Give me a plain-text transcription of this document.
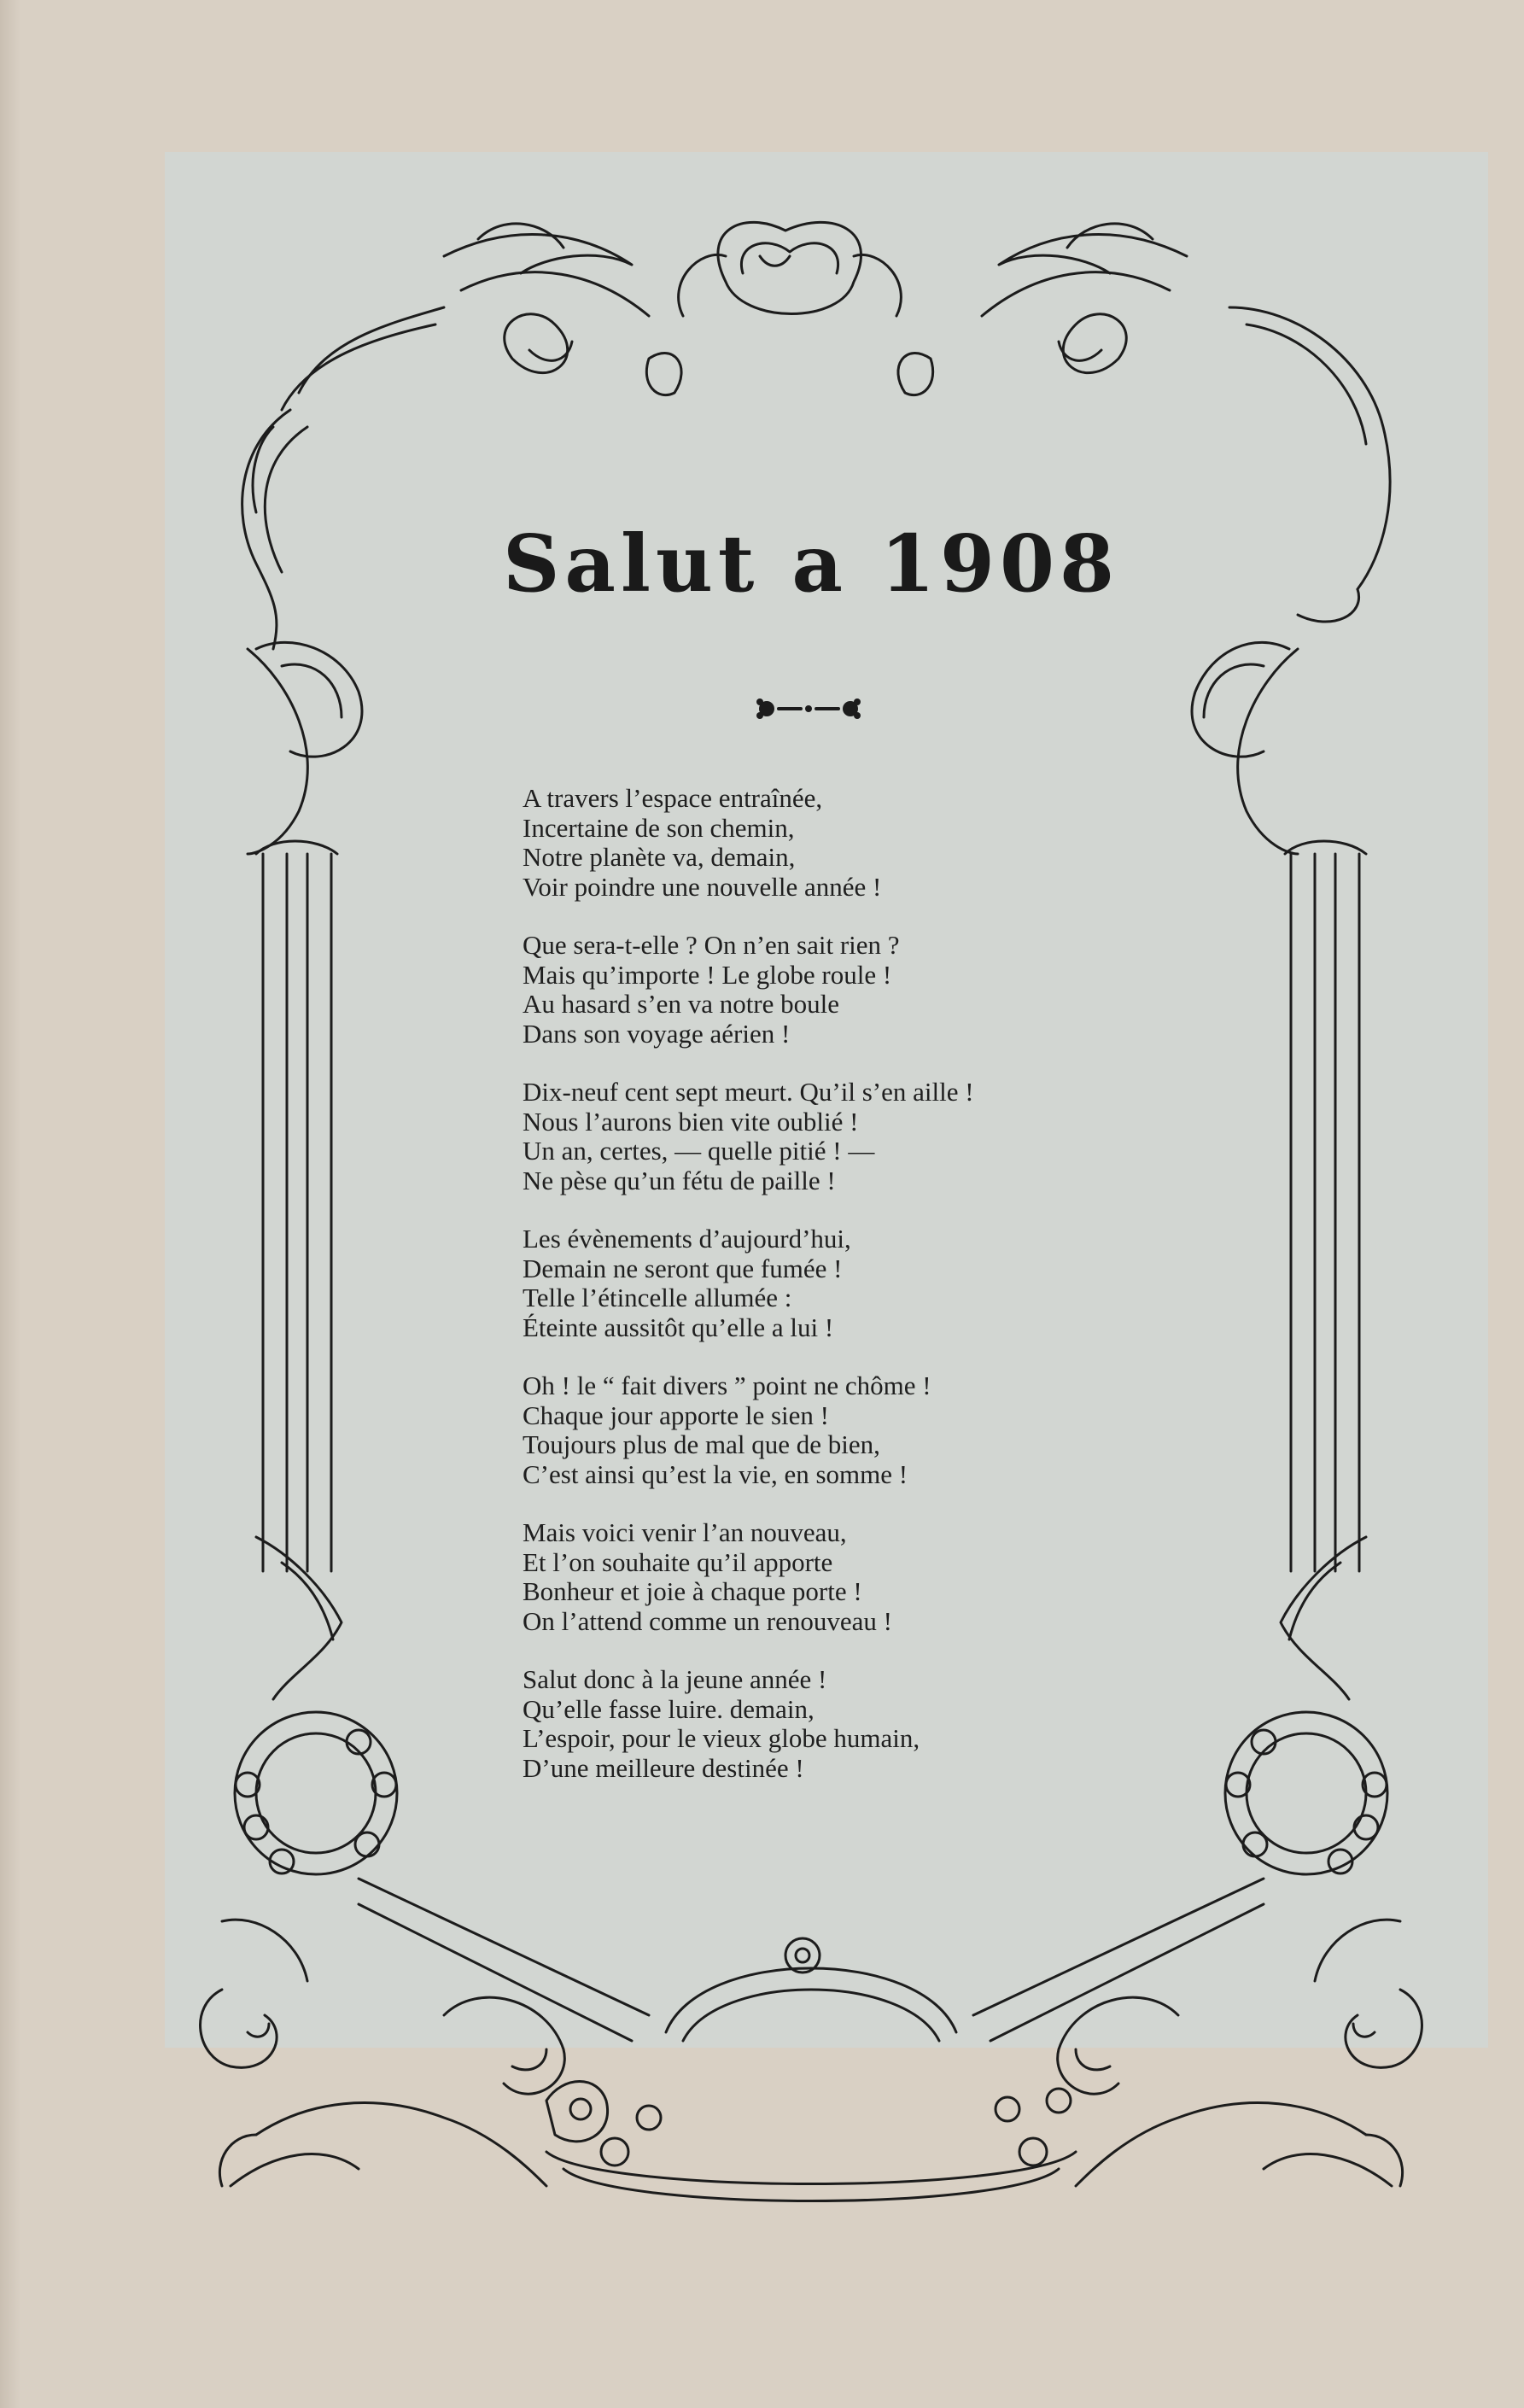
Salut a 1908

A travers l’espace entraînée,
Incertaine de son chemin,
Notre planète va, demain,
Voir poindre une nouvelle année !

Que sera-t-elle ? On n’en sait rien ?
Mais qu’importe ! Le globe roule !
Au hasard s’en va notre boule
Dans son voyage aérien !

Dix-neuf cent sept meurt. Qu’il s’en aille !
Nous l’aurons bien vite oublié !
Un an, certes, — quelle pitié ! —
Ne pèse qu’un fétu de paille !

Les évènements d’aujourd’hui,
Demain ne seront que fumée !
Telle l’étincelle allumée :
Éteinte aussitôt qu’elle a lui !

Oh ! le “ fait divers ” point ne chôme !
Chaque jour apporte le sien !
Toujours plus de mal que de bien,
C’est ainsi qu’est la vie, en somme !

Mais voici venir l’an nouveau,
Et l’on souhaite qu’il apporte
Bonheur et joie à chaque porte !
On l’attend comme un renouveau !

Salut donc à la jeune année !
Qu’elle fasse luire. demain,
L’espoir, pour le vieux globe humain,
D’une meilleure destinée !
